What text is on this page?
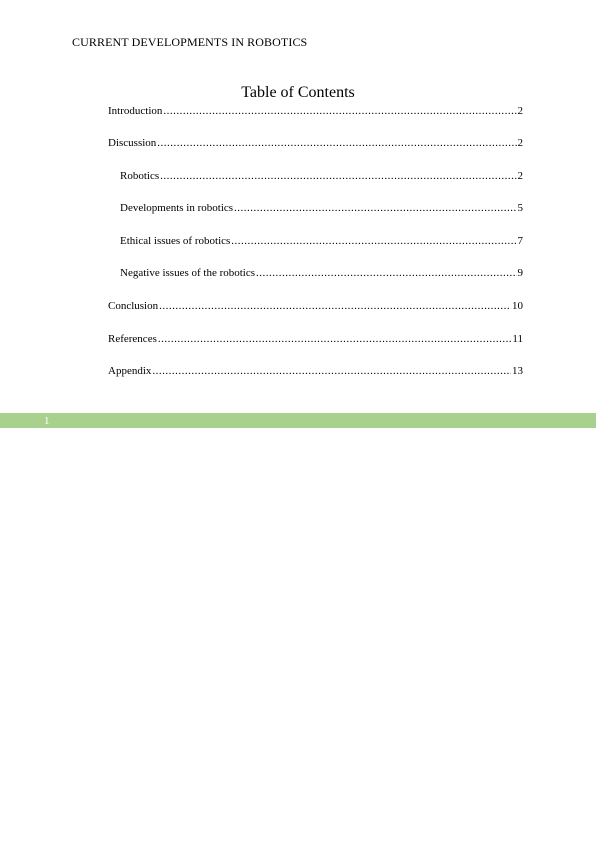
CURRENT DEVELOPMENTS IN ROBOTICS
Table of Contents
Introduction .....	2
Discussion .....	2
Robotics .....	2
Developments in robotics .....	5
Ethical issues of robotics .....	7
Negative issues of the robotics .....	9
Conclusion .....	10
References .....	11
Appendix .....	13
1
